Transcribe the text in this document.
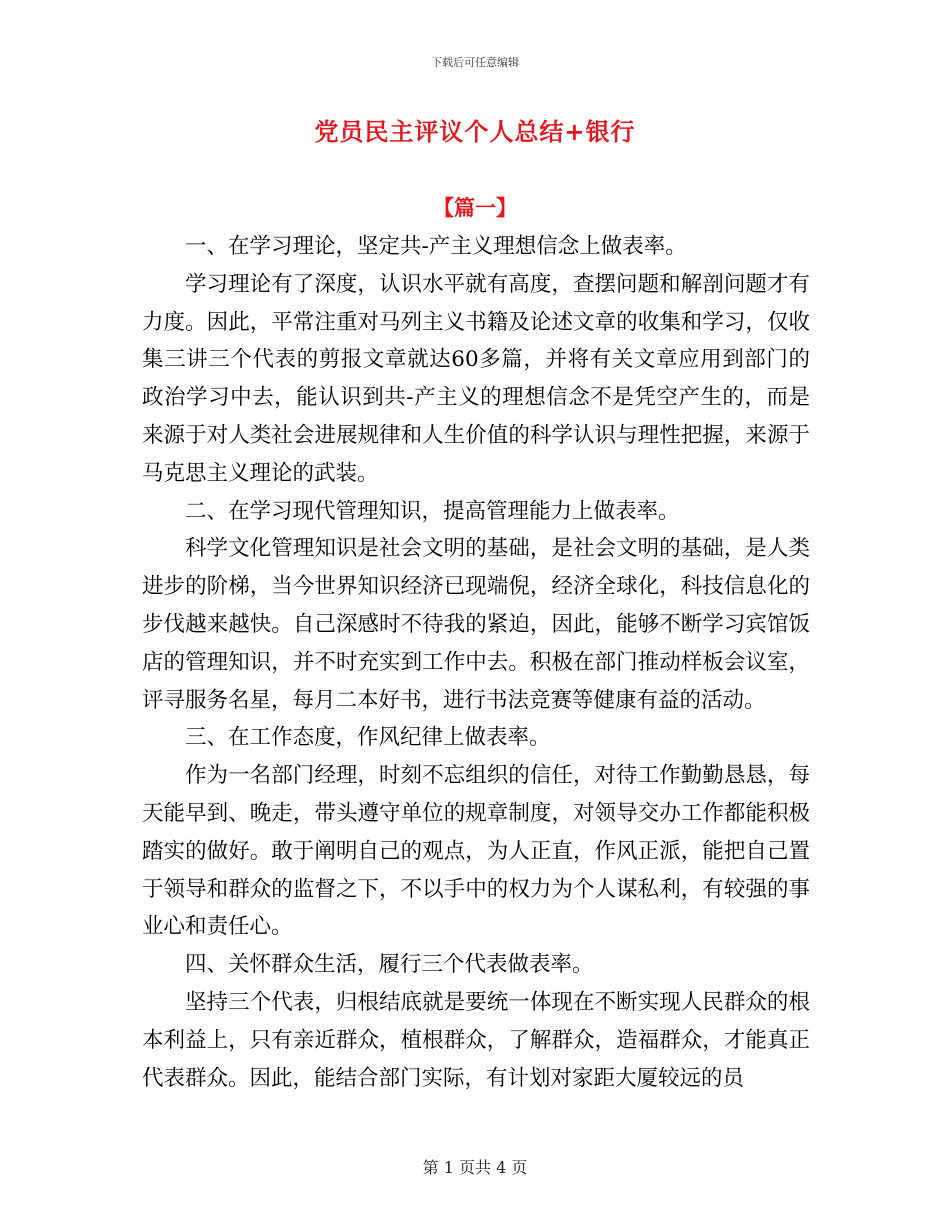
下载后可任意编辑
党员民主评议个人总结+银行
【篇一】

一、在学习理论，坚定共-产主义理想信念上做表率。

学习理论有了深度，认识水平就有高度，查摆问题和解剖问题才有力度。因此，平常注重对马列主义书籍及论述文章的收集和学习，仅收集三讲三个代表的剪报文章就达60多篇，并将有关文章应用到部门的政治学习中去，能认识到共-产主义的理想信念不是凭空产生的，而是来源于对人类社会进展规律和人生价值的科学认识与理性把握，来源于马克思主义理论的武装。

二、在学习现代管理知识，提高管理能力上做表率。

科学文化管理知识是社会文明的基础，是社会文明的基础，是人类进步的阶梯，当今世界知识经济已现端倪，经济全球化，科技信息化的步伐越来越快。自己深感时不待我的紧迫，因此，能够不断学习宾馆饭店的管理知识，并不时充实到工作中去。积极在部门推动样板会议室，评寻服务名星，每月二本好书，进行书法竞赛等健康有益的活动。

三、在工作态度，作风纪律上做表率。

作为一名部门经理，时刻不忘组织的信任，对待工作勤勤恳恳，每天能早到、晚走，带头遵守单位的规章制度，对领导交办工作都能积极踏实的做好。敢于阐明自己的观点，为人正直，作风正派，能把自己置于领导和群众的监督之下，不以手中的权力为个人谋私利，有较强的事业心和责任心。

四、关怀群众生活，履行三个代表做表率。

坚持三个代表，归根结底就是要统一体现在不断实现人民群众的根本利益上，只有亲近群众，植根群众，了解群众，造福群众，才能真正代表群众。因此，能结合部门实际，有计划对家距大厦较远的员

第 1 页共 4 页
